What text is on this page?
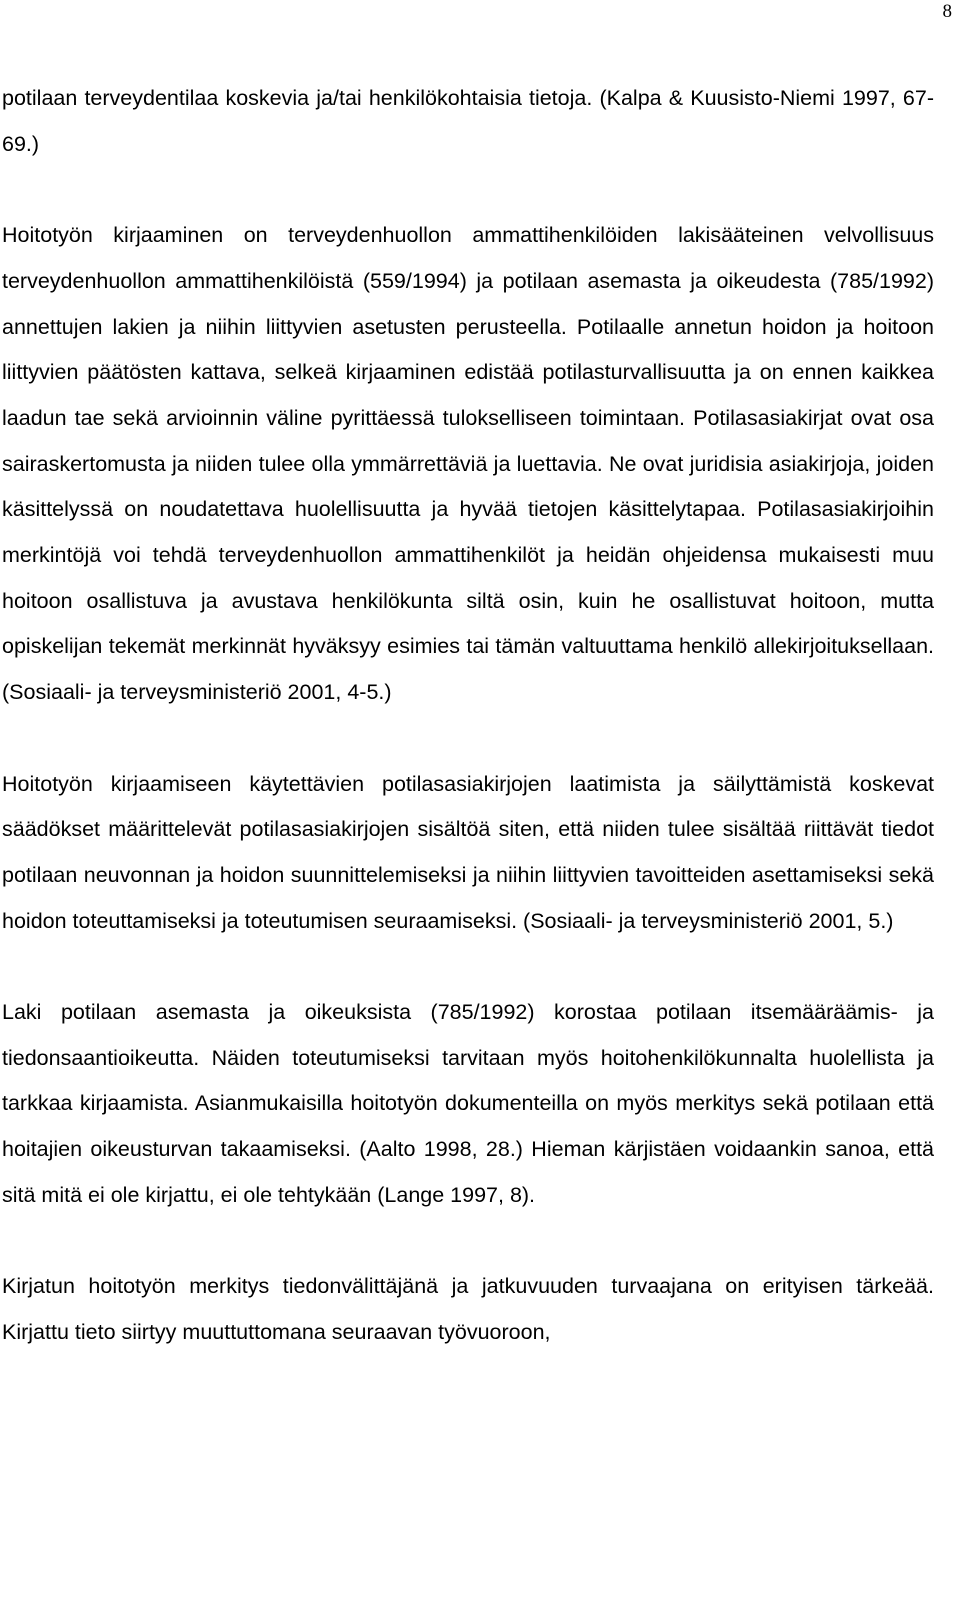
8

potilaan terveydentilaa koskevia ja/tai henkilökohtaisia tietoja. (Kalpa & Kuusisto-Niemi 1997, 67-69.)

Hoitotyön kirjaaminen on terveydenhuollon ammattihenkilöiden lakisääteinen velvollisuus terveydenhuollon ammattihenkilöistä (559/1994) ja potilaan asemasta ja oikeudesta (785/1992) annettujen lakien ja niihin liittyvien asetusten perusteella. Potilaalle annetun hoidon ja hoitoon liittyvien päätösten kattava, selkeä kirjaaminen edistää potilasturvallisuutta ja on ennen kaikkea laadun tae sekä arvioinnin väline pyrittäessä tulokselliseen toimintaan. Potilasasiakirjat ovat osa sairaskertomusta ja niiden tulee olla ymmärrettäviä ja luettavia. Ne ovat juridisia asiakirjoja, joiden käsittelyssä on noudatettava huolellisuutta ja hyvää tietojen käsittelytapaa. Potilasasiakirjoihin merkintöjä voi tehdä terveydenhuollon ammattihenkilöt ja heidän ohjeidensa mukaisesti muu hoitoon osallistuva ja avustava henkilökunta siltä osin, kuin he osallistuvat hoitoon, mutta opiskelijan tekemät merkinnät hyväksyy esimies tai tämän valtuuttama henkilö allekirjoituksellaan. (Sosiaali- ja terveysministeriö 2001, 4-5.)

Hoitotyön kirjaamiseen käytettävien potilasasiakirjojen laatimista ja säilyttämistä koskevat säädökset määrittelevät potilasasiakirjojen sisältöä siten, että niiden tulee sisältää riittävät tiedot potilaan neuvonnan ja hoidon suunnittelemiseksi ja niihin liittyvien tavoitteiden asettamiseksi sekä hoidon toteuttamiseksi ja toteutumisen seuraamiseksi. (Sosiaali- ja terveysministeriö 2001, 5.)

Laki potilaan asemasta ja oikeuksista (785/1992) korostaa potilaan itsemääräämis- ja tiedonsaantioikeutta. Näiden toteutumiseksi tarvitaan myös hoitohenkilökunnalta huolellista ja tarkkaa kirjaamista. Asianmukaisilla hoitotyön dokumenteilla on myös merkitys sekä potilaan että hoitajien oikeusturvan takaamiseksi. (Aalto 1998, 28.) Hieman kärjistäen voidaankin sanoa, että sitä mitä ei ole kirjattu, ei ole tehtykään (Lange 1997, 8).

Kirjatun hoitotyön merkitys tiedonvälittäjänä ja jatkuvuuden turvaajana on erityisen tärkeää. Kirjattu tieto siirtyy muuttuttomana seuraavan työvuoroon,
